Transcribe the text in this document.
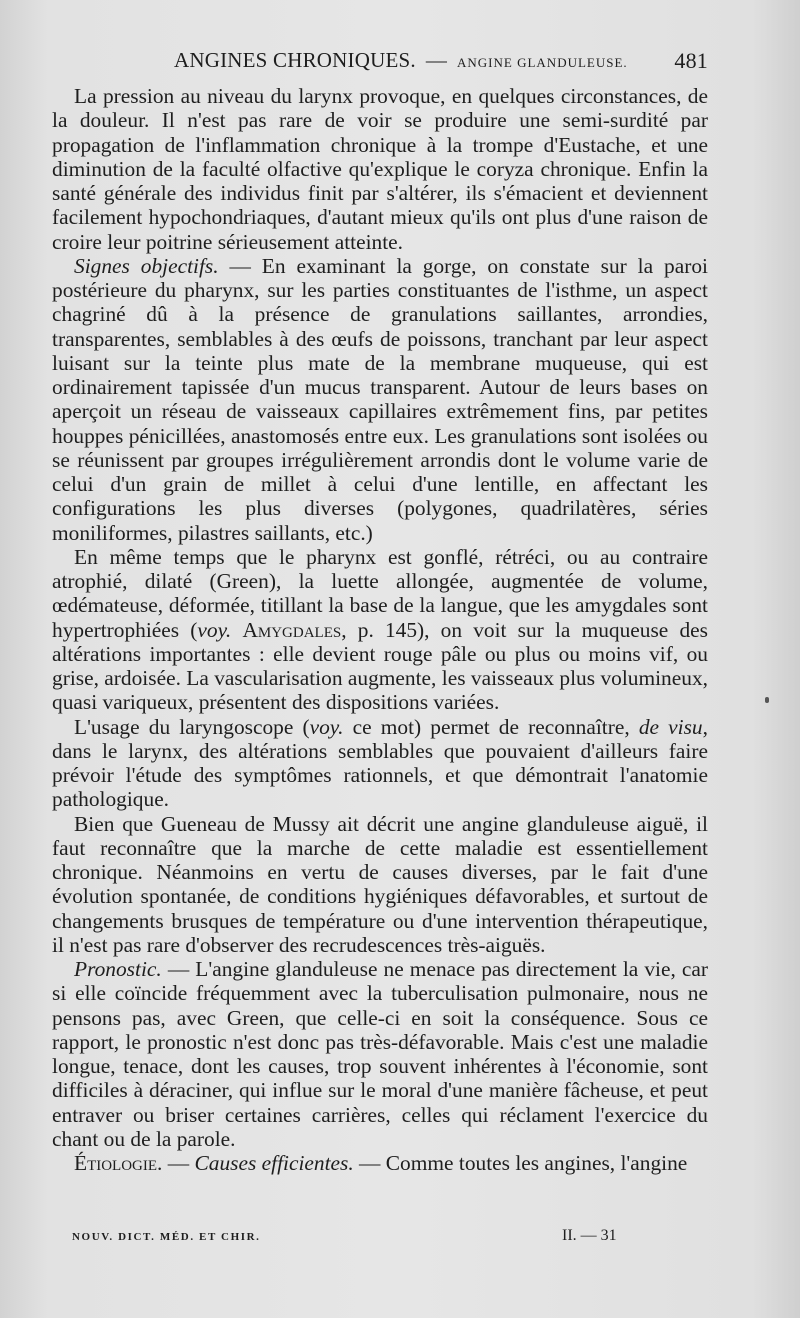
ANGINES CHRONIQUES. — ANGINE GLANDULEUSE. 481

La pression au niveau du larynx provoque, en quelques circonstances, de la douleur. Il n'est pas rare de voir se produire une semi-surdité par propagation de l'inflammation chronique à la trompe d'Eustache, et une diminution de la faculté olfactive qu'explique le coryza chronique. Enfin la santé générale des individus finit par s'altérer, ils s'émacient et deviennent facilement hypochondriaques, d'autant mieux qu'ils ont plus d'une raison de croire leur poitrine sérieusement atteinte.

Signes objectifs. — En examinant la gorge, on constate sur la paroi postérieure du pharynx, sur les parties constituantes de l'isthme, un aspect chagriné dû à la présence de granulations saillantes, arrondies, transparentes, semblables à des œufs de poissons, tranchant par leur aspect luisant sur la teinte plus mate de la membrane muqueuse, qui est ordinairement tapissée d'un mucus transparent. Autour de leurs bases on aperçoit un réseau de vaisseaux capillaires extrêmement fins, par petites houppes pénicillées, anastomosés entre eux. Les granulations sont isolées ou se réunissent par groupes irrégulièrement arrondis dont le volume varie de celui d'un grain de millet à celui d'une lentille, en affectant les configurations les plus diverses (polygones, quadrilatères, séries moniliformes, pilastres saillants, etc.)

En même temps que le pharynx est gonflé, rétréci, ou au contraire atrophié, dilaté (Green), la luette allongée, augmentée de volume, œdémateuse, déformée, titillant la base de la langue, que les amygdales sont hypertrophiées (voy. Amygdales, p. 145), on voit sur la muqueuse des altérations importantes : elle devient rouge pâle ou plus ou moins vif, ou grise, ardoisée. La vascularisation augmente, les vaisseaux plus volumineux, quasi variqueux, présentent des dispositions variées.

L'usage du laryngoscope (voy. ce mot) permet de reconnaître, de visu, dans le larynx, des altérations semblables que pouvaient d'ailleurs faire prévoir l'étude des symptômes rationnels, et que démontrait l'anatomie pathologique.

Bien que Gueneau de Mussy ait décrit une angine glanduleuse aiguë, il faut reconnaître que la marche de cette maladie est essentiellement chronique. Néanmoins en vertu de causes diverses, par le fait d'une évolution spontanée, de conditions hygiéniques défavorables, et surtout de changements brusques de température ou d'une intervention thérapeutique, il n'est pas rare d'observer des recrudescences très-aiguës.

Pronostic. — L'angine glanduleuse ne menace pas directement la vie, car si elle coïncide fréquemment avec la tuberculisation pulmonaire, nous ne pensons pas, avec Green, que celle-ci en soit la conséquence. Sous ce rapport, le pronostic n'est donc pas très-défavorable. Mais c'est une maladie longue, tenace, dont les causes, trop souvent inhérentes à l'économie, sont difficiles à déraciner, qui influe sur le moral d'une manière fâcheuse, et peut entraver ou briser certaines carrières, celles qui réclament l'exercice du chant ou de la parole.

Étiologie. — Causes efficientes. — Comme toutes les angines, l'angine

NOUV. DICT. MÉD. ET CHIR.	II. — 31
